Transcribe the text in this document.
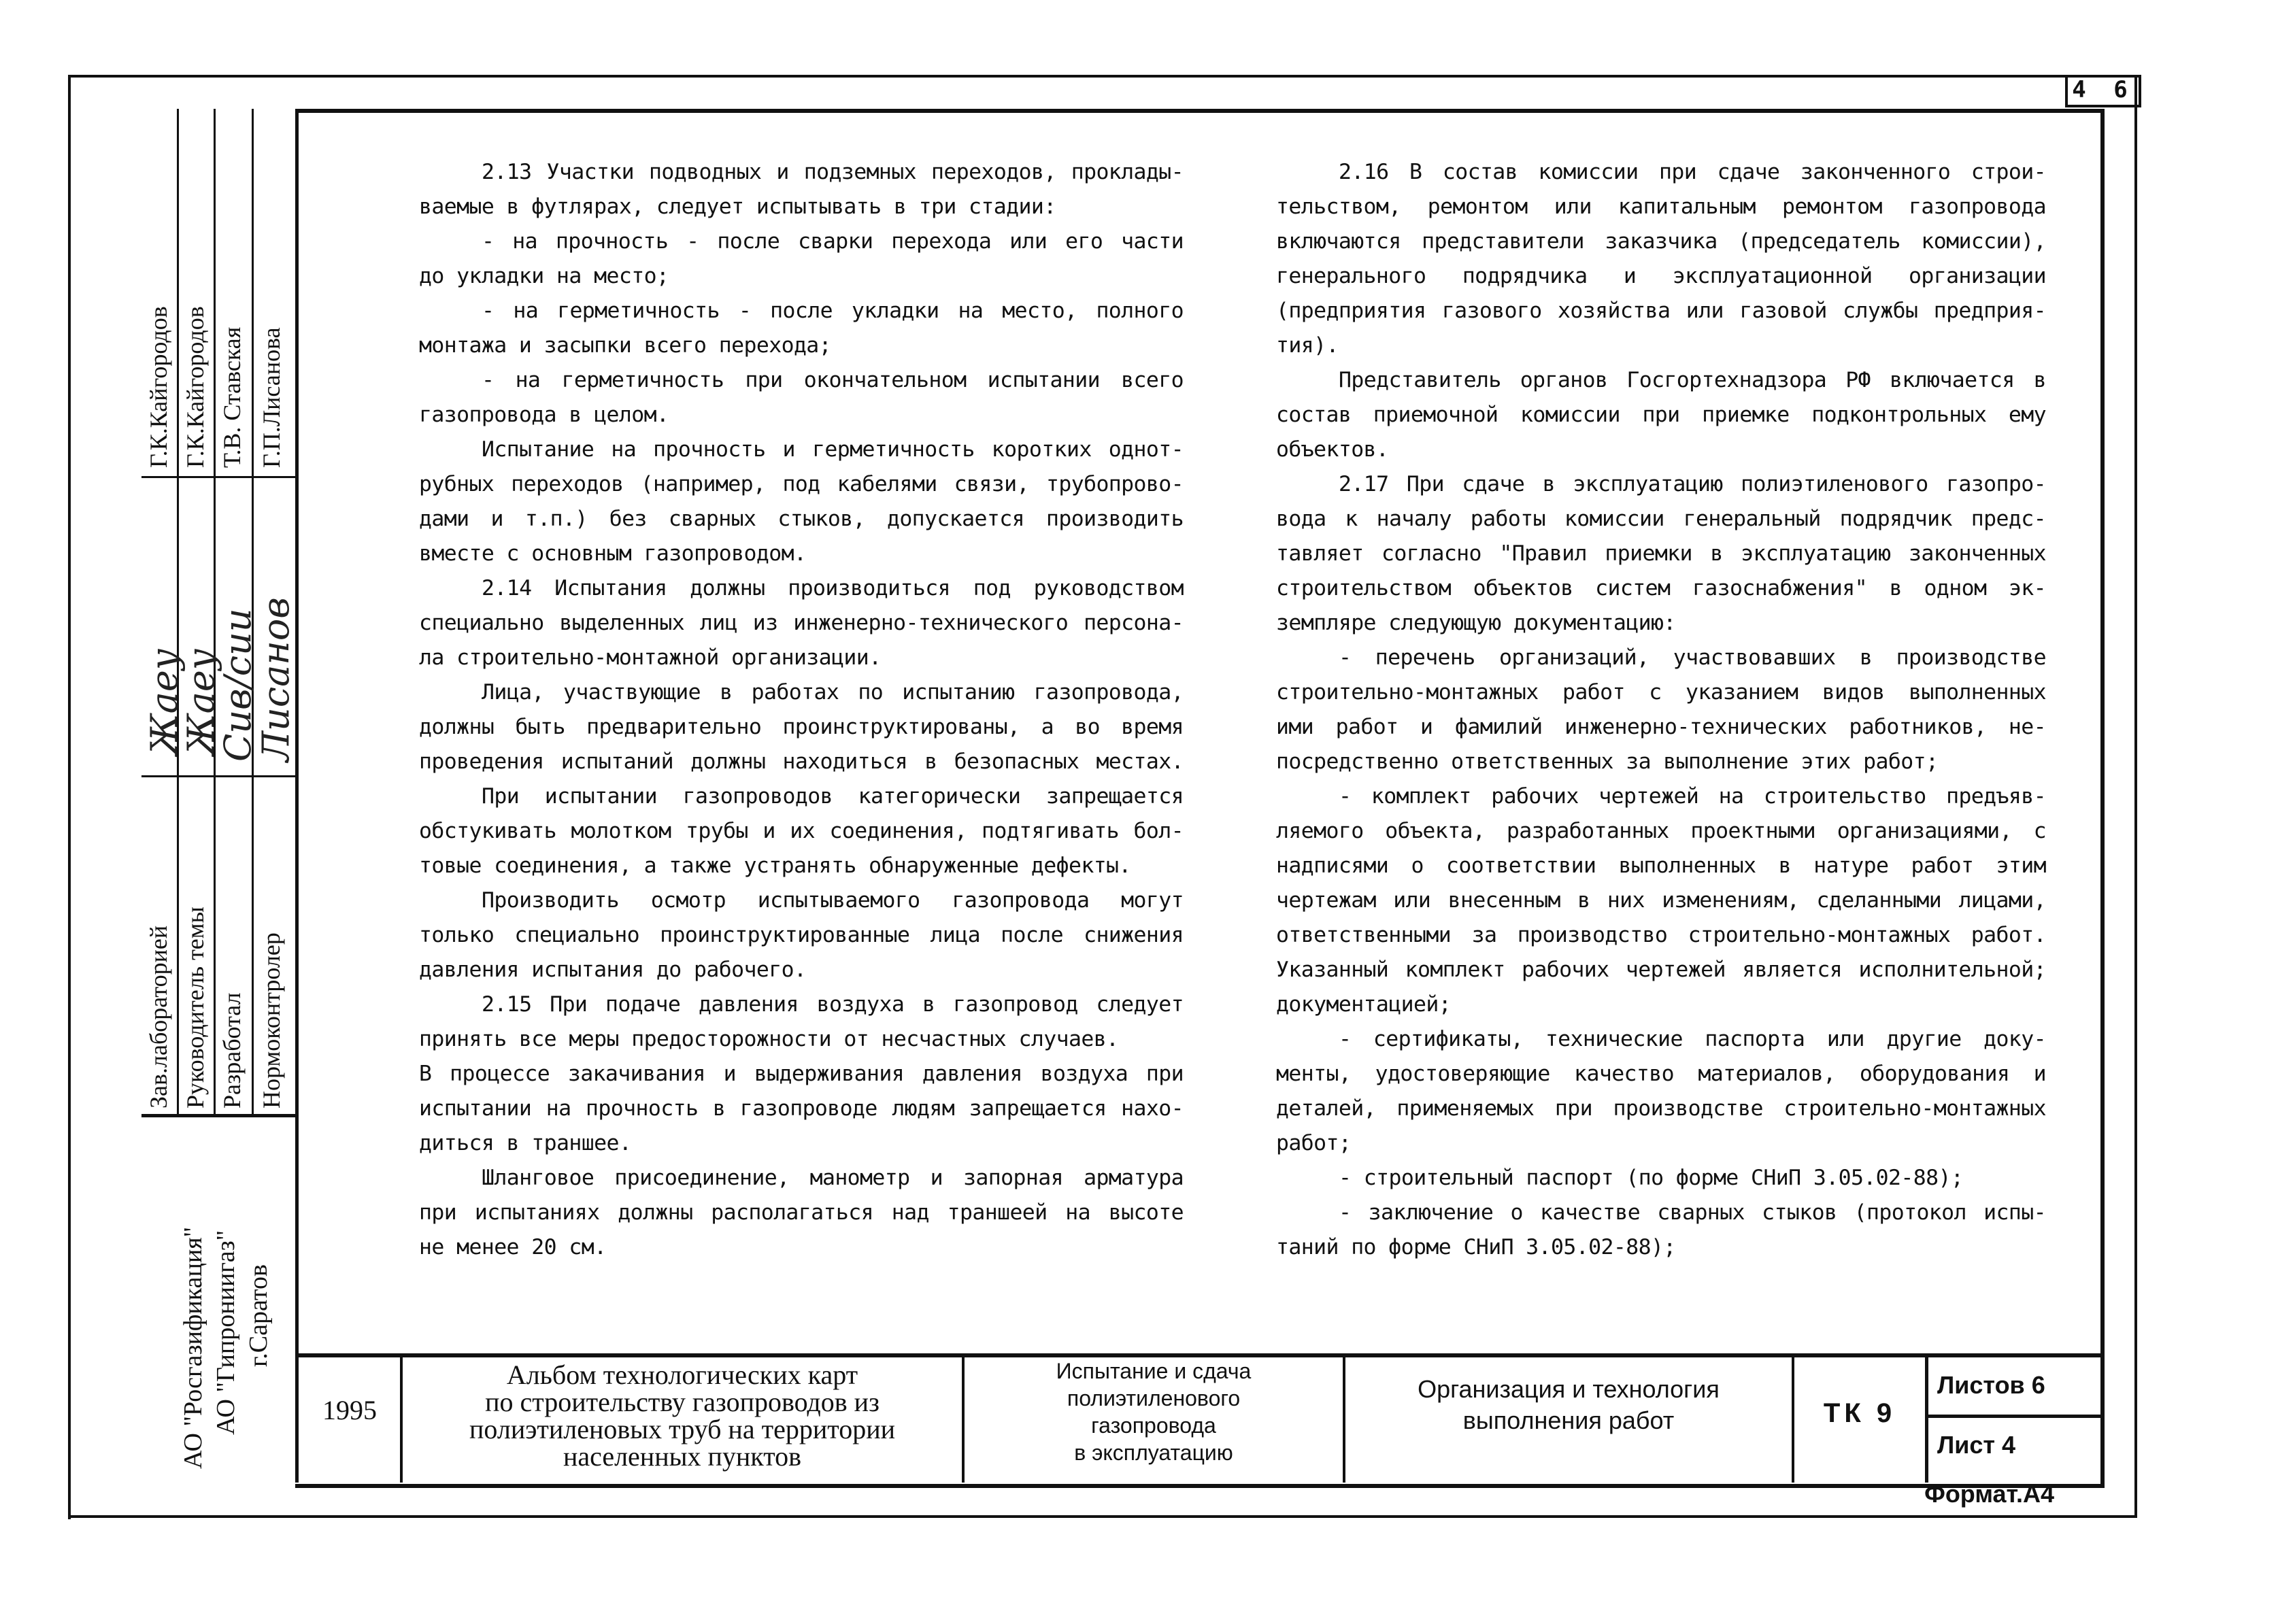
4 6
Г.К.Кайгородов Г.К.Кайгородов Т.В. Ставская Г.П.Лисанова
Жаеу
Жаеу
Сив/сии
Лисанов
Зав.лабораторией Руководитель темы Разработал Нормоконтролер
АО "Росгазификация" АО "Гипрониигаз" г.Саратов

2.13 Участки подводных и подземных переходов, проклады-

ваемые в футлярах, следует испытывать в три стадии:

- на прочность - после сварки перехода или его части

до укладки на место;

- на герметичность - после укладки на место, полного

монтажа и засыпки всего перехода;

- на герметичность при окончательном испытании всего

газопровода в целом.

Испытание на прочность и герметичность коротких однот-

рубных переходов (например, под кабелями связи, трубопрово-

дами и т.п.) без сварных стыков, допускается производить

вместе с основным газопроводом.

2.14 Испытания должны производиться под руководством

специально выделенных лиц из инженерно-технического персона-

ла строительно-монтажной организации.

Лица, участвующие в работах по испытанию газопровода,

должны быть предварительно проинструктированы, а во время

проведения испытаний должны находиться в безопасных местах.

При испытании газопроводов категорически запрещается

обстукивать молотком трубы и их соединения, подтягивать бол-

товые соединения, а также устранять обнаруженные дефекты.

Производить осмотр испытываемого газопровода могут

только специально проинструктированные лица после снижения

давления испытания до рабочего.

2.15 При подаче давления воздуха в газопровод следует

принять все меры предосторожности от несчастных случаев.

В процессе закачивания и выдерживания давления воздуха при

испытании на прочность в газопроводе людям запрещается нахо-

диться в траншее.

Шланговое присоединение, манометр и запорная арматура

при испытаниях должны располагаться над траншеей на высоте

не менее 20 см.

2.16 В состав комиссии при сдаче законченного строи-

тельством, ремонтом или капитальным ремонтом газопровода

включаются представители заказчика (председатель комиссии),

генерального подрядчика и эксплуатационной организации

(предприятия газового хозяйства или газовой службы предприя-

тия).

Представитель органов Госгортехнадзора РФ включается в

состав приемочной комиссии при приемке подконтрольных ему

объектов.

2.17 При сдаче в эксплуатацию полиэтиленового газопро-

вода к началу работы комиссии генеральный подрядчик предс-

тавляет согласно "Правил приемки в эксплуатацию законченных

строительством объектов систем газоснабжения" в одном эк-

земпляре следующую документацию:

- перечень организаций, участвовавших в производстве

строительно-монтажных работ с указанием видов выполненных

ими работ и фамилий инженерно-технических работников, не-

посредственно ответственных за выполнение этих работ;

- комплект рабочих чертежей на строительство предъяв-

ляемого объекта, разработанных проектными организациями, с

надписями о соответствии выполненных в натуре работ этим

чертежам или внесенным в них изменениям, сделанными лицами,

ответственными за производство строительно-монтажных работ.

Указанный комплект рабочих чертежей является исполнительной;

документацией;

- сертификаты, технические паспорта или другие доку-

менты, удостоверяющие качество материалов, оборудования и

деталей, применяемых при производстве строительно-монтажных

работ;

- строительный паспорт (по форме СНиП 3.05.02-88);

- заключение о качестве сварных стыков (протокол испы-

таний по форме СНиП 3.05.02-88);

1995
Альбом технологических карт
по строительству газопроводов из
полиэтиленовых труб на территории
населенных пунктов
Испытание и сдача
полиэтиленового
газопровода
в эксплуатацию
Организация и технология
выполнения работ	ТК 9
Листов 6
Лист 4
Формат.А4
